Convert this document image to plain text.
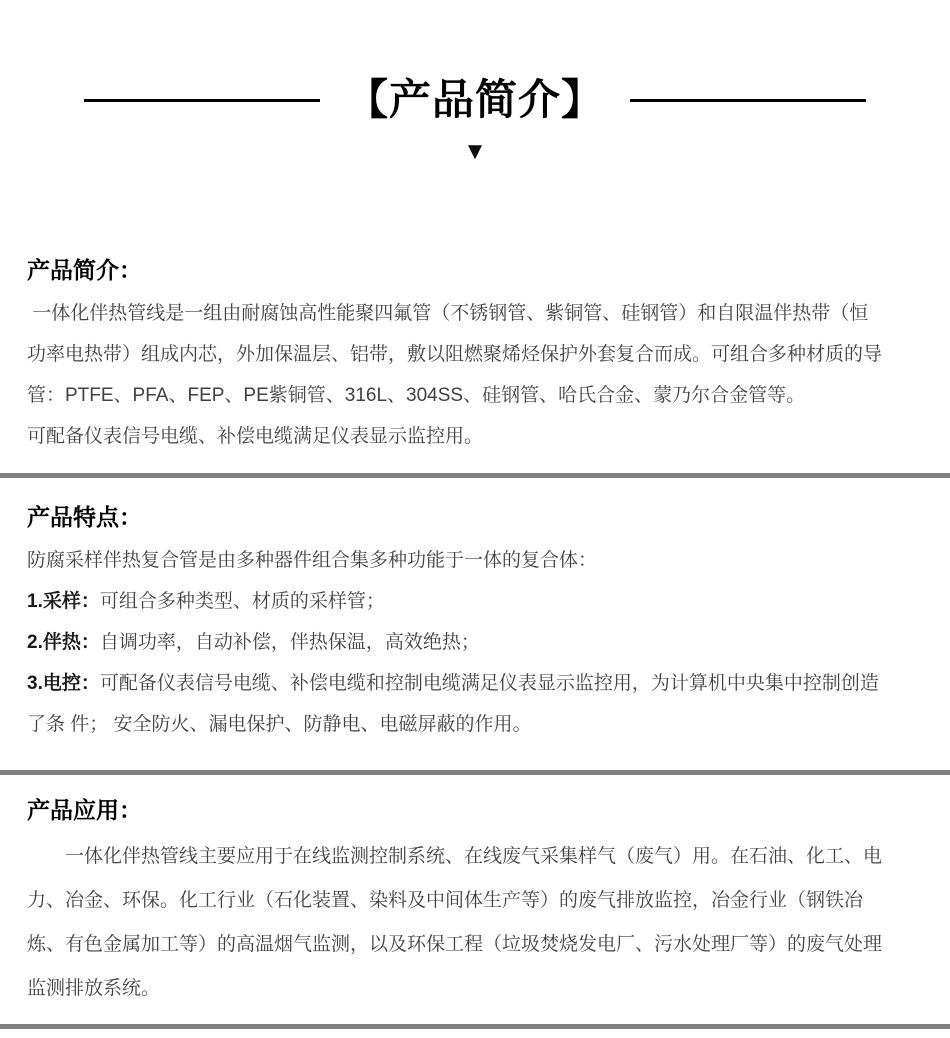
【产品简介】
▼
产品简介：
一体化伴热管线是一组由耐腐蚀高性能聚四氟管（不锈钢管、紫铜管、硅钢管）和自限温伴热带（恒
功率电热带）组成内芯，外加保温层、铝带，敷以阻燃聚烯烃保护外套复合而成。可组合多种材质的导
管：PTFE、PFA、FEP、PE紫铜管、316L、304SS、硅钢管、哈氏合金、蒙乃尔合金管等。
可配备仪表信号电缆、补偿电缆满足仪表显示监控用。
产品特点：
防腐采样伴热复合管是由多种器件组合集多种功能于一体的复合体：
1.采样：可组合多种类型、材质的采样管；
2.伴热：自调功率，自动补偿，伴热保温，高效绝热；
3.电控：可配备仪表信号电缆、补偿电缆和控制电缆满足仪表显示监控用，为计算机中央集中控制创造
了条 件； 安全防火、漏电保护、防静电、电磁屏蔽的作用。
产品应用：
　　一体化伴热管线主要应用于在线监测控制系统、在线废气采集样气（废气）用。在石油、化工、电
力、冶金、环保。化工行业（石化装置、染料及中间体生产等）的废气排放监控，冶金行业（钢铁冶
炼、有色金属加工等）的高温烟气监测，以及环保工程（垃圾焚烧发电厂、污水处理厂等）的废气处理
监测排放系统。
